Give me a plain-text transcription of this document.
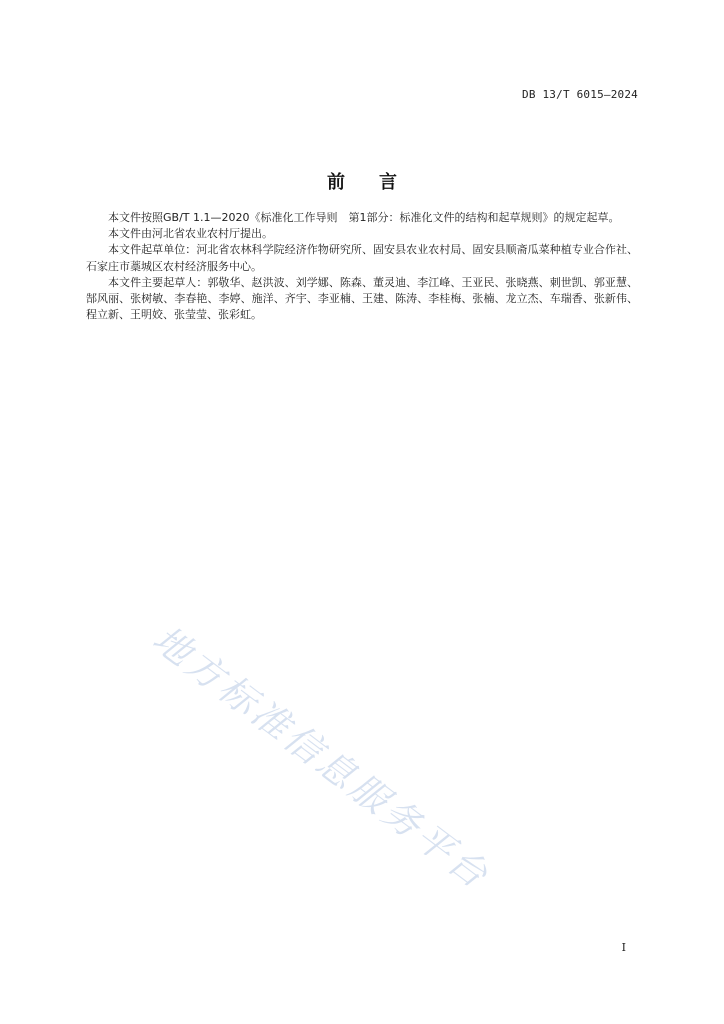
DB 13/T 6015—2024
前 言

本文件按照GB/T 1.1—2020《标准化工作导则　第1部分：标准化文件的结构和起草规则》的规定起草。

本文件由河北省农业农村厅提出。

本文件起草单位：河北省农林科学院经济作物研究所、固安县农业农村局、固安县顺斋瓜菜种植专业合作社、石家庄市藁城区农村经济服务中心。

本文件主要起草人：郭敬华、赵洪波、刘学娜、陈森、董灵迪、李江峰、王亚民、张晓燕、刺世凯、郭亚慧、郜风丽、张树敏、李春艳、李婷、施洋、齐宇、李亚楠、王建、陈涛、李桂梅、张楠、龙立杰、车瑞香、张新伟、程立新、王明姣、张莹莹、张彩虹。

地方标准信息服务平台
I
